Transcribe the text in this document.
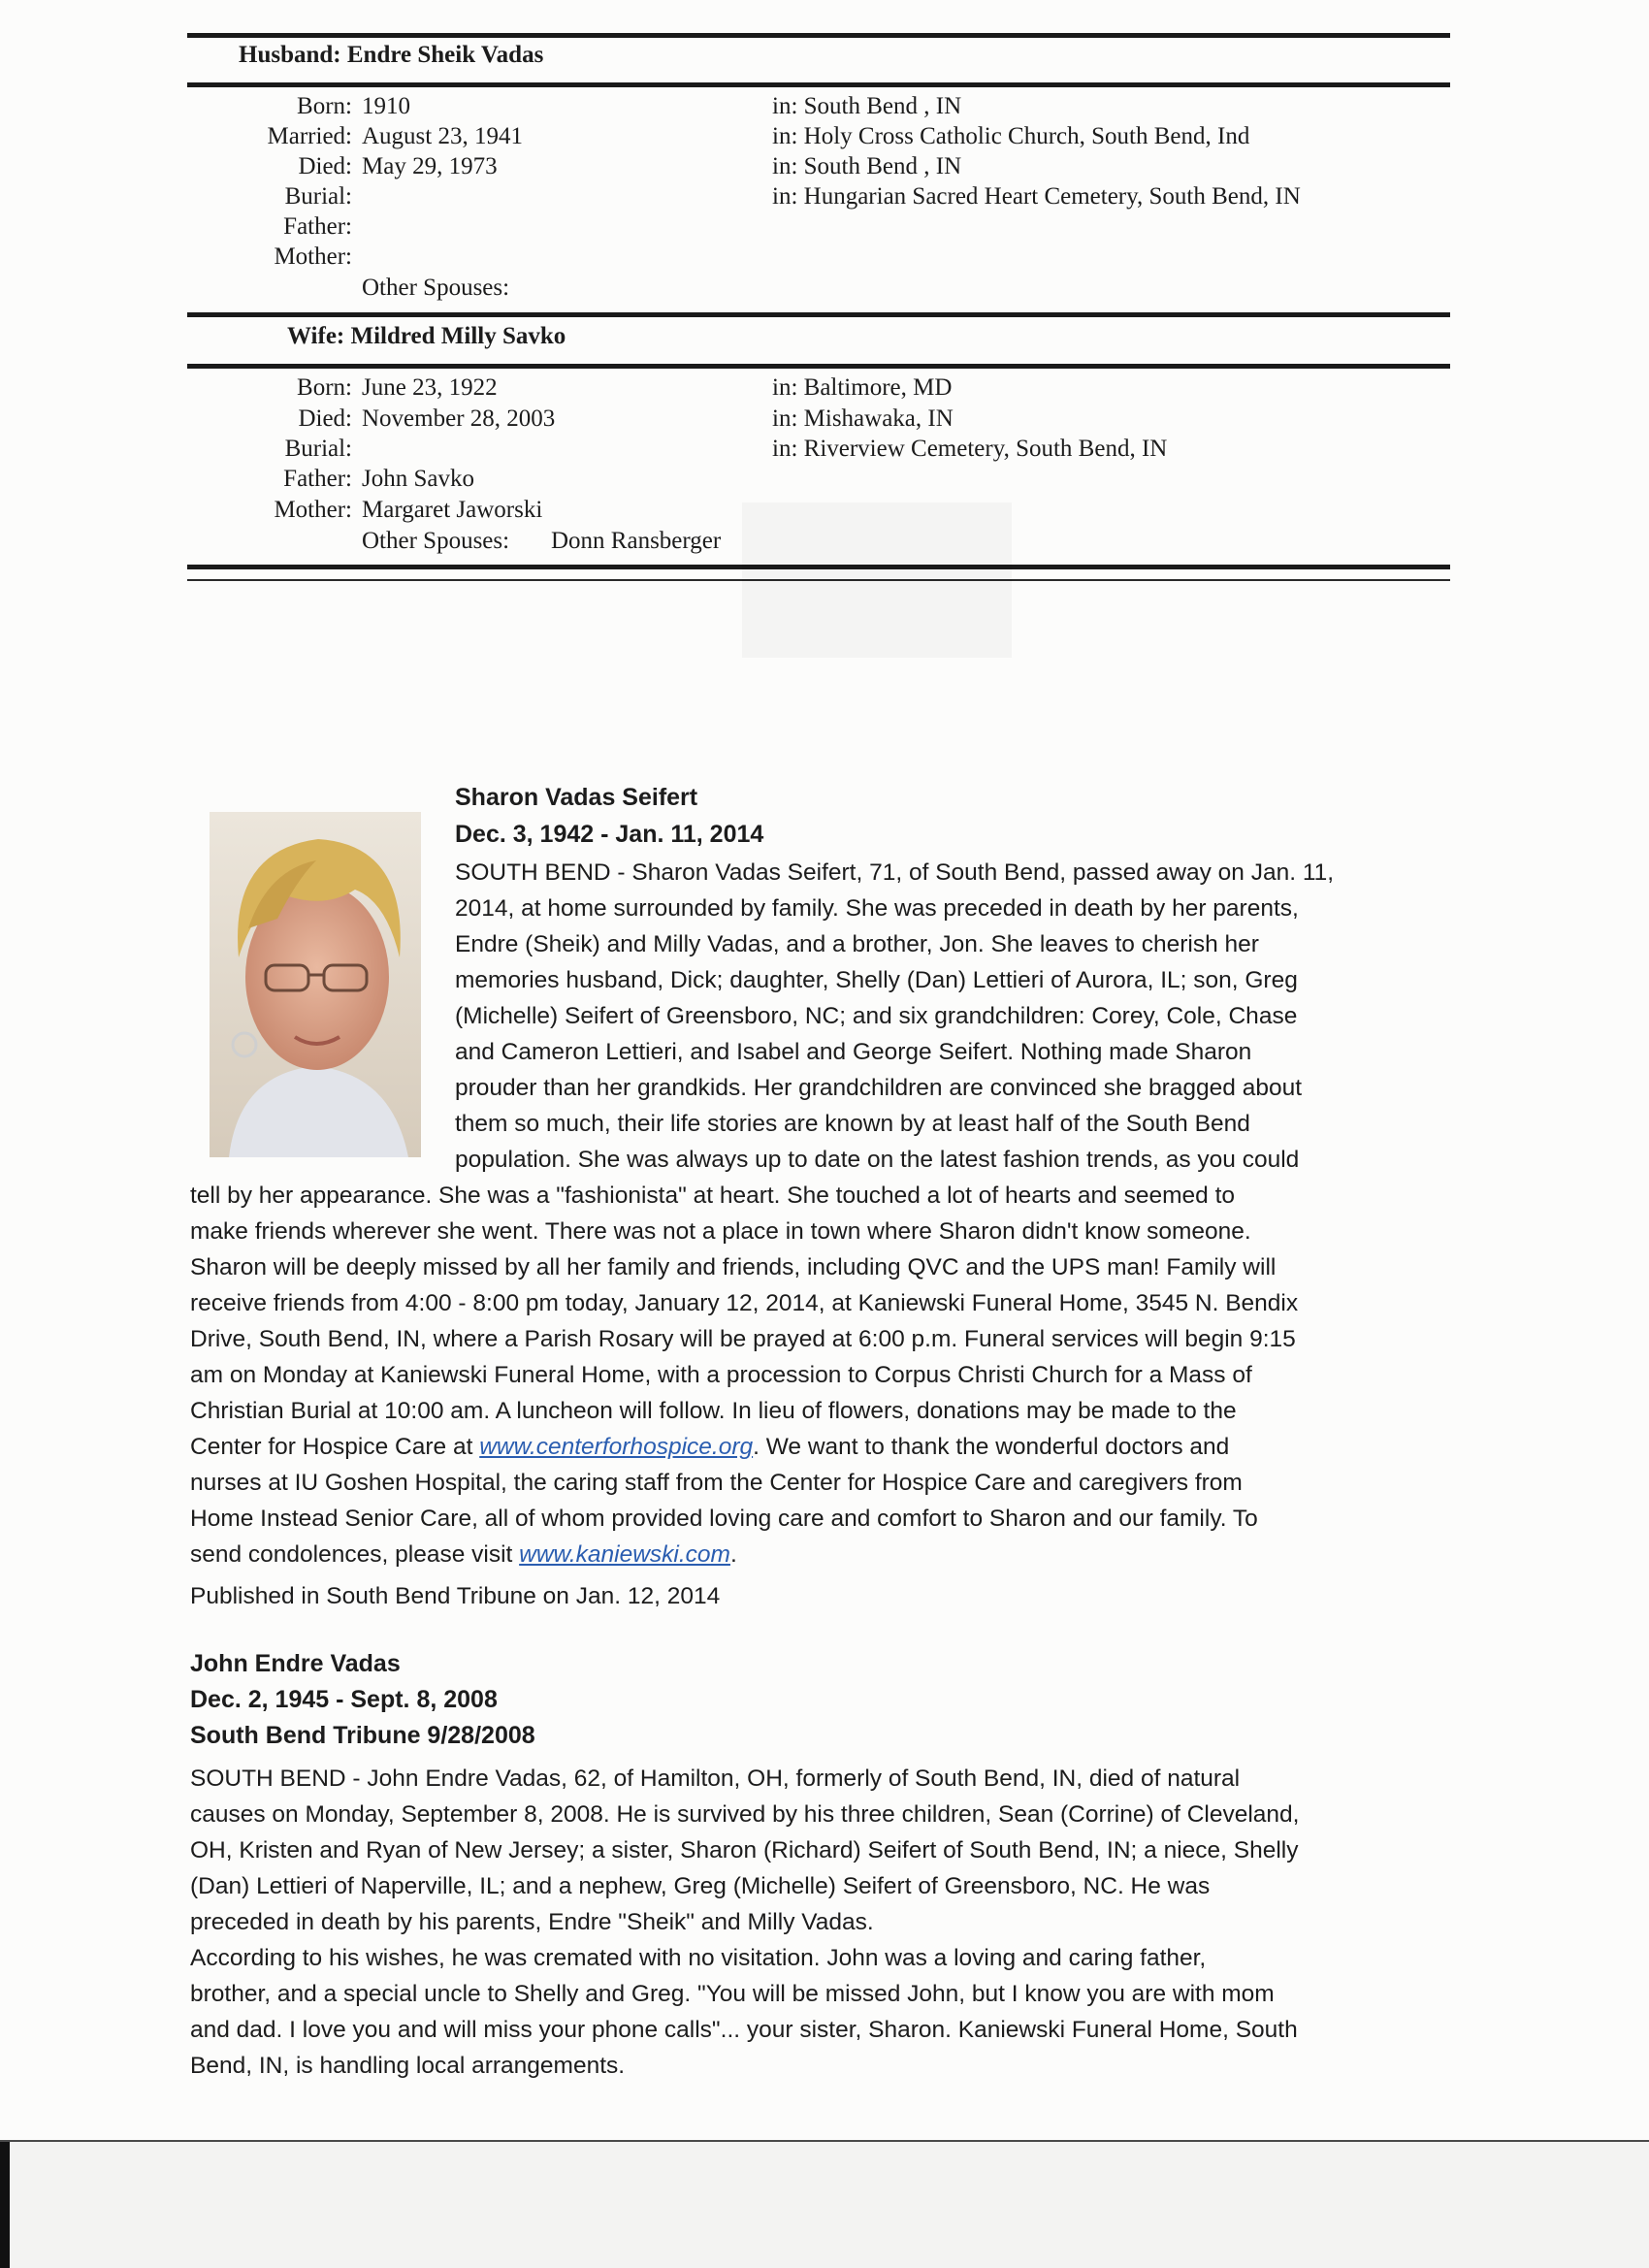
Husband: Endre Sheik Vadas
Born: 1910	in: South Bend , IN
Married: August 23, 1941	in: Holy Cross Catholic Church, South Bend, Ind
Died: May 29, 1973	in: South Bend , IN
Burial:	in: Hungarian Sacred Heart Cemetery, South Bend, IN
Father:
Mother:
Other Spouses:
Wife: Mildred Milly Savko
Born: June 23, 1922	in: Baltimore, MD
Died: November 28, 2003	in: Mishawaka, IN
Burial:	in: Riverview Cemetery, South Bend, IN
Father: John Savko
Mother: Margaret Jaworski
Other Spouses: Donn Ransberger
Sharon Vadas Seifert
Dec. 3, 1942 - Jan. 11, 2014
SOUTH BEND - Sharon Vadas Seifert, 71, of South Bend, passed away on Jan. 11,
2014, at home surrounded by family. She was preceded in death by her parents,
Endre (Sheik) and Milly Vadas, and a brother, Jon. She leaves to cherish her
memories husband, Dick; daughter, Shelly (Dan) Lettieri of Aurora, IL; son, Greg
(Michelle) Seifert of Greensboro, NC; and six grandchildren: Corey, Cole, Chase
and Cameron Lettieri, and Isabel and George Seifert. Nothing made Sharon
prouder than her grandkids. Her grandchildren are convinced she bragged about
them so much, their life stories are known by at least half of the South Bend
population. She was always up to date on the latest fashion trends, as you could
tell by her appearance. She was a "fashionista" at heart. She touched a lot of hearts and seemed to
make friends wherever she went. There was not a place in town where Sharon didn't know someone.
Sharon will be deeply missed by all her family and friends, including QVC and the UPS man! Family will
receive friends from 4:00 - 8:00 pm today, January 12, 2014, at Kaniewski Funeral Home, 3545 N. Bendix
Drive, South Bend, IN, where a Parish Rosary will be prayed at 6:00 p.m. Funeral services will begin 9:15
am on Monday at Kaniewski Funeral Home, with a procession to Corpus Christi Church for a Mass of
Christian Burial at 10:00 am. A luncheon will follow. In lieu of flowers, donations may be made to the
Center for Hospice Care at www.centerforhospice.org. We want to thank the wonderful doctors and
nurses at IU Goshen Hospital, the caring staff from the Center for Hospice Care and caregivers from
Home Instead Senior Care, all of whom provided loving care and comfort to Sharon and our family. To
send condolences, please visit www.kaniewski.com.
Published in South Bend Tribune on Jan. 12, 2014
John Endre Vadas
Dec. 2, 1945 - Sept. 8, 2008
South Bend Tribune 9/28/2008
SOUTH BEND - John Endre Vadas, 62, of Hamilton, OH, formerly of South Bend, IN, died of natural
causes on Monday, September 8, 2008. He is survived by his three children, Sean (Corrine) of Cleveland,
OH, Kristen and Ryan of New Jersey; a sister, Sharon (Richard) Seifert of South Bend, IN; a niece, Shelly
(Dan) Lettieri of Naperville, IL; and a nephew, Greg (Michelle) Seifert of Greensboro, NC. He was
preceded in death by his parents, Endre "Sheik" and Milly Vadas.
According to his wishes, he was cremated with no visitation. John was a loving and caring father,
brother, and a special uncle to Shelly and Greg. "You will be missed John, but I know you are with mom
and dad. I love you and will miss your phone calls"... your sister, Sharon. Kaniewski Funeral Home, South
Bend, IN, is handling local arrangements.
